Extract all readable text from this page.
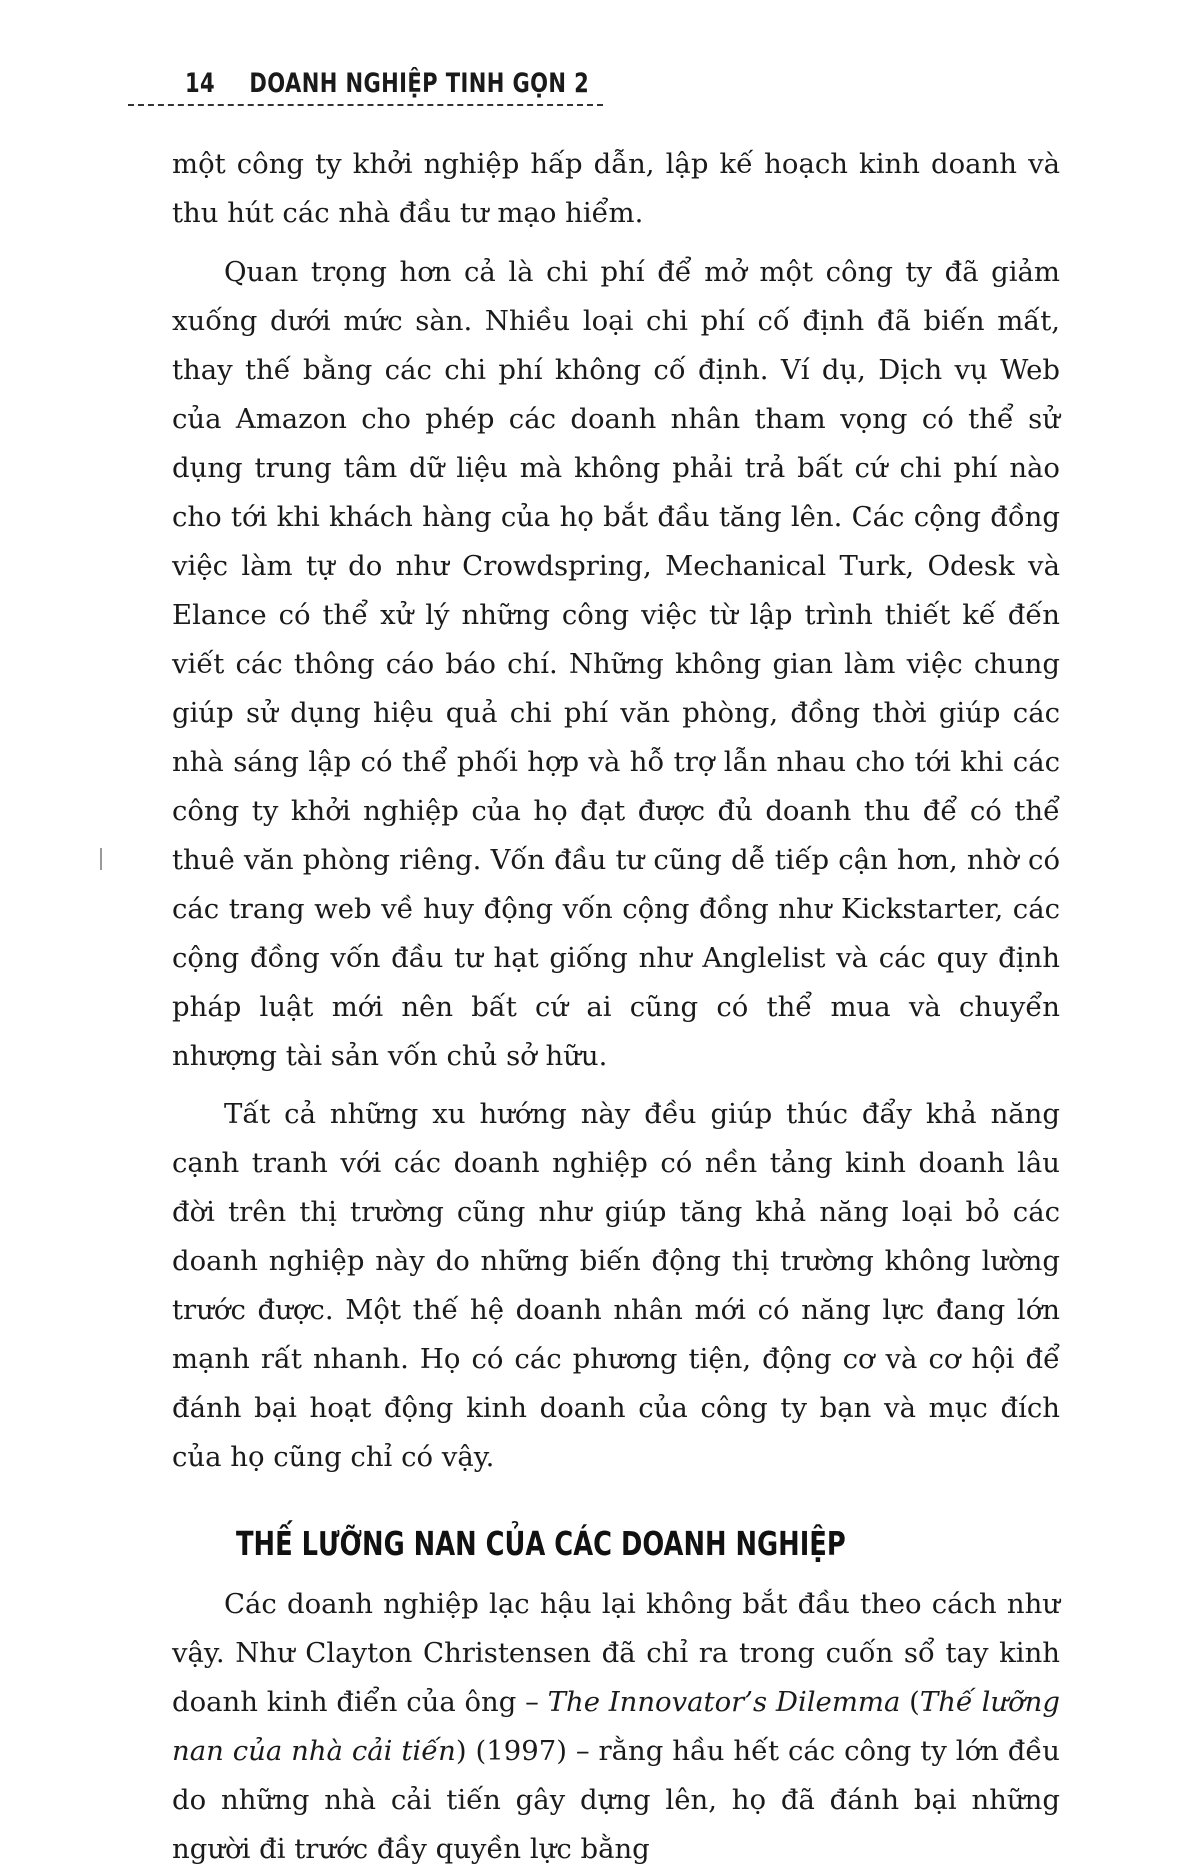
14 DOANH NGHIỆP TINH GỌN 2

một công ty khởi nghiệp hấp dẫn, lập kế hoạch kinh doanh và thu hút các nhà đầu tư mạo hiểm.

Quan trọng hơn cả là chi phí để mở một công ty đã giảm xuống dưới mức sàn. Nhiều loại chi phí cố định đã biến mất, thay thế bằng các chi phí không cố định. Ví dụ, Dịch vụ Web của Amazon cho phép các doanh nhân tham vọng có thể sử dụng trung tâm dữ liệu mà không phải trả bất cứ chi phí nào cho tới khi khách hàng của họ bắt đầu tăng lên. Các cộng đồng việc làm tự do như Crowdspring, Mechanical Turk, Odesk và Elance có thể xử lý những công việc từ lập trình thiết kế đến viết các thông cáo báo chí. Những không gian làm việc chung giúp sử dụng hiệu quả chi phí văn phòng, đồng thời giúp các nhà sáng lập có thể phối hợp và hỗ trợ lẫn nhau cho tới khi các công ty khởi nghiệp của họ đạt được đủ doanh thu để có thể thuê văn phòng riêng. Vốn đầu tư cũng dễ tiếp cận hơn, nhờ có các trang web về huy động vốn cộng đồng như Kickstarter, các cộng đồng vốn đầu tư hạt giống như Anglelist và các quy định pháp luật mới nên bất cứ ai cũng có thể mua và chuyển nhượng tài sản vốn chủ sở hữu.

Tất cả những xu hướng này đều giúp thúc đẩy khả năng cạnh tranh với các doanh nghiệp có nền tảng kinh doanh lâu đời trên thị trường cũng như giúp tăng khả năng loại bỏ các doanh nghiệp này do những biến động thị trường không lường trước được. Một thế hệ doanh nhân mới có năng lực đang lớn mạnh rất nhanh. Họ có các phương tiện, động cơ và cơ hội để đánh bại hoạt động kinh doanh của công ty bạn và mục đích của họ cũng chỉ có vậy.

THẾ LƯỠNG NAN CỦA CÁC DOANH NGHIỆP

Các doanh nghiệp lạc hậu lại không bắt đầu theo cách như vậy. Như Clayton Christensen đã chỉ ra trong cuốn sổ tay kinh doanh kinh điển của ông – The Innovator’s Dilemma (Thế lưỡng nan của nhà cải tiến) (1997) – rằng hầu hết các công ty lớn đều do những nhà cải tiến gây dựng lên, họ đã đánh bại những người đi trước đầy quyền lực bằng
